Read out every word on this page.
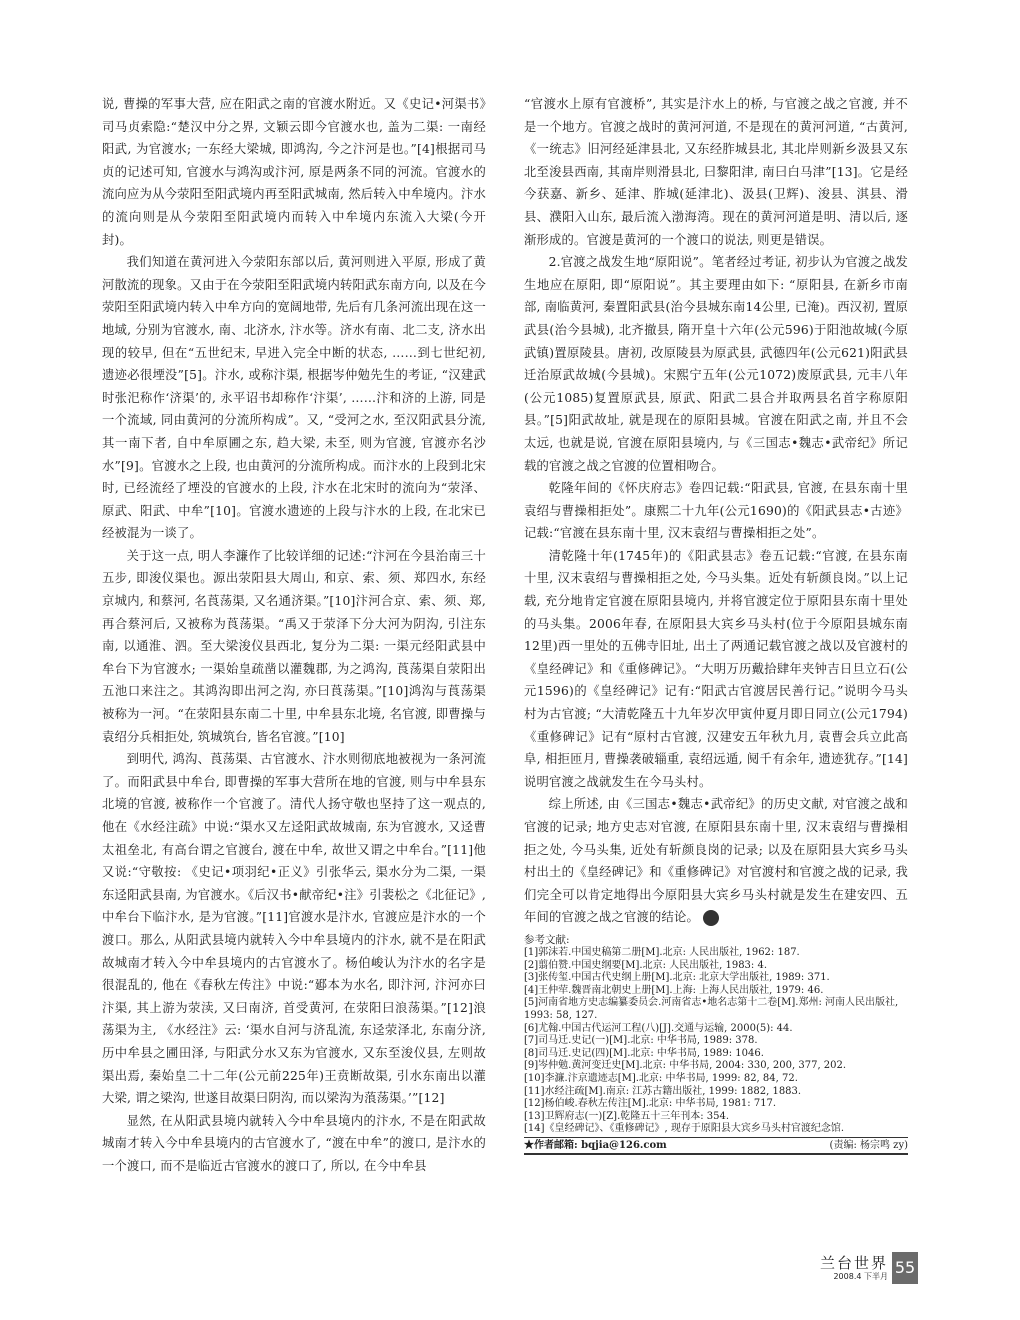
说, 曹操的军事大营, 应在阳武之南的官渡水附近。又《史记•河渠书》司马贞索隐:“楚汉中分之界, 文颖云即今官渡水也, 盖为二渠: 一南经阳武, 为官渡水; 一东经大梁城, 即鸿沟, 今之汴河是也。”[4]根据司马贞的记述可知, 官渡水与鸿沟或汴河, 原是两条不同的河流。官渡水的流向应为从今荥阳至阳武境内再至阳武城南, 然后转入中牟境内。汴水的流向则是从今荥阳至阳武境内而转入中牟境内东流入大梁(今开封)。

我们知道在黄河进入今荥阳东部以后, 黄河则进入平原, 形成了黄河散流的现象。又由于在今荥阳至阳武境内转阳武东南方向, 以及在今荥阳至阳武境内转入中牟方向的宽阔地带, 先后有几条河流出现在这一地域, 分别为官渡水, 南、北济水, 汴水等。济水有南、北二支, 济水出现的较早, 但在“五世纪末, 早进入完全中断的状态, ……到七世纪初, 遗迹必很堙没”[5]。汴水, 或称汴渠, 根据岑仲勉先生的考证, “汉建武时张汜称作‘济渠’的, 永平诏书却称作‘汴渠’, ……汴和济的上游, 同是一个流域, 同由黄河的分流所构成”。又, “受河之水, 至汉阳武县分流, 其一南下者, 自中牟原圃之东, 趋大梁, 未至, 则为官渡, 官渡亦名沙水”[9]。官渡水之上段, 也由黄河的分流所构成。而汴水的上段到北宋时, 已经流经了堙没的官渡水的上段, 汴水在北宋时的流向为“荥泽、原武、阳武、中牟”[10]。官渡水遗迹的上段与汴水的上段, 在北宋已经被混为一谈了。

关于这一点, 明人李濂作了比较详细的记述:“汴河在今县治南三十五步, 即浚仪渠也。源出荥阳县大周山, 和京、索、须、郑四水, 东经京城内, 和蔡河, 名莨荡渠, 又名通济渠。”[10]汴河合京、索、须、郑, 再合蔡河后, 又被称为莨荡渠。“禹又于荥泽下分大河为阴沟, 引注东南, 以通淮、泗。至大梁浚仪县西北, 复分为二渠: 一渠元经阳武县中牟台下为官渡水; 一渠始皇疏凿以灌魏郡, 为之鸿沟, 莨荡渠自荥阳出五池口来注之。其鸿沟即出河之沟, 亦曰莨荡渠。”[10]鸿沟与莨荡渠被称为一河。“在荥阳县东南二十里, 中牟县东北境, 名官渡, 即曹操与袁绍分兵相拒处, 筑城筑台, 皆名官渡。”[10]

到明代, 鸿沟、莨荡渠、古官渡水、汴水则彻底地被视为一条河流了。而阳武县中牟台, 即曹操的军事大营所在地的官渡, 则与中牟县东北境的官渡, 被称作一个官渡了。清代人扬守敬也坚持了这一观点的, 他在《水经注疏》中说:“渠水又左迳阳武故城南, 东为官渡水, 又迳曹太祖垒北, 有高台谓之官渡台, 渡在中牟, 故世又谓之中牟台。”[11]他又说:“守敬按: 《史记•项羽纪•正义》引张华云, 渠水分为二渠, 一渠东迳阳武县南, 为官渡水。《后汉书•献帝纪•注》引裴松之《北征记》, 中牟台下临汴水, 是为官渡。”[11]官渡水是汴水, 官渡应是汴水的一个渡口。那么, 从阳武县境内就转入今中牟县境内的汴水, 就不是在阳武故城南才转入今中牟县境内的古官渡水了。杨伯峻认为汴水的名字是很混乱的, 他在《春秋左传注》中说:“郔本为水名, 即汴河, 汴河亦曰汴渠, 其上游为荥渎, 又曰南济, 首受黄河, 在荥阳曰浪荡渠。”[12]浪荡渠为主, 《水经注》云: ‘渠水自河与济乱流, 东迳荥泽北, 东南分济, 历中牟县之圃田泽, 与阳武分水又东为官渡水, 又东至浚仪县, 左则故渠出焉, 秦始皇二十二年(公元前225年)王贲断故渠, 引水东南出以灌大梁, 谓之梁沟, 世遂目故渠曰阴沟, 而以梁沟为蒗荡渠。’”[12]

显然, 在从阳武县境内就转入今中牟县境内的汴水, 不是在阳武故城南才转入今中牟县境内的古官渡水了, “渡在中牟”的渡口, 是汴水的一个渡口, 而不是临近古官渡水的渡口了, 所以, 在今中牟县

“官渡水上原有官渡桥”, 其实是汴水上的桥, 与官渡之战之官渡, 并不是一个地方。官渡之战时的黄河河道, 不是现在的黄河河道, “古黄河, 《一统志》旧河经延津县北, 又东经胙城县北, 其北岸则新乡汲县又东北至浚县西南, 其南岸则滑县北, 曰黎阳津, 南曰白马津”[13]。它是经今获嘉、新乡、延津、胙城(延津北)、汲县(卫辉)、浚县、淇县、滑县、濮阳入山东, 最后流入渤海湾。现在的黄河河道是明、清以后, 逐渐形成的。官渡是黄河的一个渡口的说法, 则更是错误。

2.官渡之战发生地“原阳说”。笔者经过考证, 初步认为官渡之战发生地应在原阳, 即“原阳说”。其主要理由如下: “原阳县, 在新乡市南部, 南临黄河, 秦置阳武县(治今县城东南14公里, 已淹)。西汉初, 置原武县(治今县城), 北齐撤县, 隋开皇十六年(公元596)于阳池故城(今原武镇)置原陵县。唐初, 改原陵县为原武县, 武德四年(公元621)阳武县迁治原武故城(今县城)。宋熙宁五年(公元1072)废原武县, 元丰八年(公元1085)复置原武县, 原武、阳武二县合并取两县名首字称原阳县。”[5]阳武故址, 就是现在的原阳县城。官渡在阳武之南, 并且不会太远, 也就是说, 官渡在原阳县境内, 与《三国志•魏志•武帝纪》所记载的官渡之战之官渡的位置相吻合。

乾隆年间的《怀庆府志》卷四记载:“阳武县, 官渡, 在县东南十里袁绍与曹操相拒处”。康熙二十九年(公元1690)的《阳武县志•古迹》记载:“官渡在县东南十里, 汉末袁绍与曹操相拒之处”。

清乾隆十年(1745年)的《阳武县志》卷五记载:“官渡, 在县东南十里, 汉末袁绍与曹操相拒之处, 今马头集。近处有斩颜良岗。”以上记载, 充分地肯定官渡在原阳县境内, 并将官渡定位于原阳县东南十里处的马头集。2006年春, 在原阳县大宾乡马头村(位于今原阳县城东南12里)西一里处的五佛寺旧址, 出土了两通记载官渡之战以及官渡村的《皇经碑记》和《重修碑记》。“大明万历戴拾肆年夹钟吉日旦立石(公元1596)的《皇经碑记》记有:“阳武古官渡居民善行记。”说明今马头村为古官渡; “大清乾隆五十九年岁次甲寅仲夏月即日同立(公元1794)《重修碑记》记有“原村古官渡, 汉建安五年秋九月, 袁曹会兵立此高阜, 相拒匝月, 曹操袭破辎重, 袁绍远遁, 阋千有余年, 遗迹犹存。”[14]说明官渡之战就发生在今马头村。

综上所述, 由《三国志•魏志•武帝纪》的历史文献, 对官渡之战和官渡的记录; 地方史志对官渡, 在原阳县东南十里, 汉末袁绍与曹操相拒之处, 今马头集, 近处有斩颜良岗的记录; 以及在原阳县大宾乡马头村出土的《皇经碑记》和《重修碑记》对官渡村和官渡之战的记录, 我们完全可以肯定地得出今原阳县大宾乡马头村就是发生在建安四、五年间的官渡之战之官渡的结论。	全

参考文献:

[1]郭沫若.中国史稿第二册[M].北京: 人民出版社, 1962: 187.

[2]翦伯赞.中国史纲要[M].北京: 人民出版社, 1983: 4.

[3]张传玺.中国古代史纲上册[M].北京: 北京大学出版社, 1989: 371.

[4]王仲荦.魏晋南北朝史上册[M].上海: 上海人民出版社, 1979: 46.

[5]河南省地方史志编纂委员会.河南省志•地名志第十二卷[M].郑州: 河南人民出版社, 1993: 58, 127.

[6]尤翰.中国古代运河工程(八)[J].交通与运输, 2000(5): 44.

[7]司马迁.史记(一)[M].北京: 中华书局, 1989: 378.

[8]司马迁.史记(四)[M].北京: 中华书局, 1989: 1046.

[9]岑仲勉.黄河变迁史[M].北京: 中华书局, 2004: 330, 200, 377, 202.

[10]李濂.汴京遗迹志[M].北京: 中华书局, 1999: 82, 84, 72.

[11]水经注疏[M].南京: 江苏古籍出版社, 1999: 1882, 1883.

[12]杨伯峻.春秋左传注[M].北京: 中华书局, 1981: 717.

[13]卫辉府志(一)[Z].乾隆五十三年刊本: 354.

[14]《皇经碑记》、《重修碑记》, 现存于原阳县大宾乡马头村官渡纪念馆.

★作者邮箱: bqjia@126.com	(责编: 杨宗鸣 zy)
兰台世界
2008.4 下半月 55
